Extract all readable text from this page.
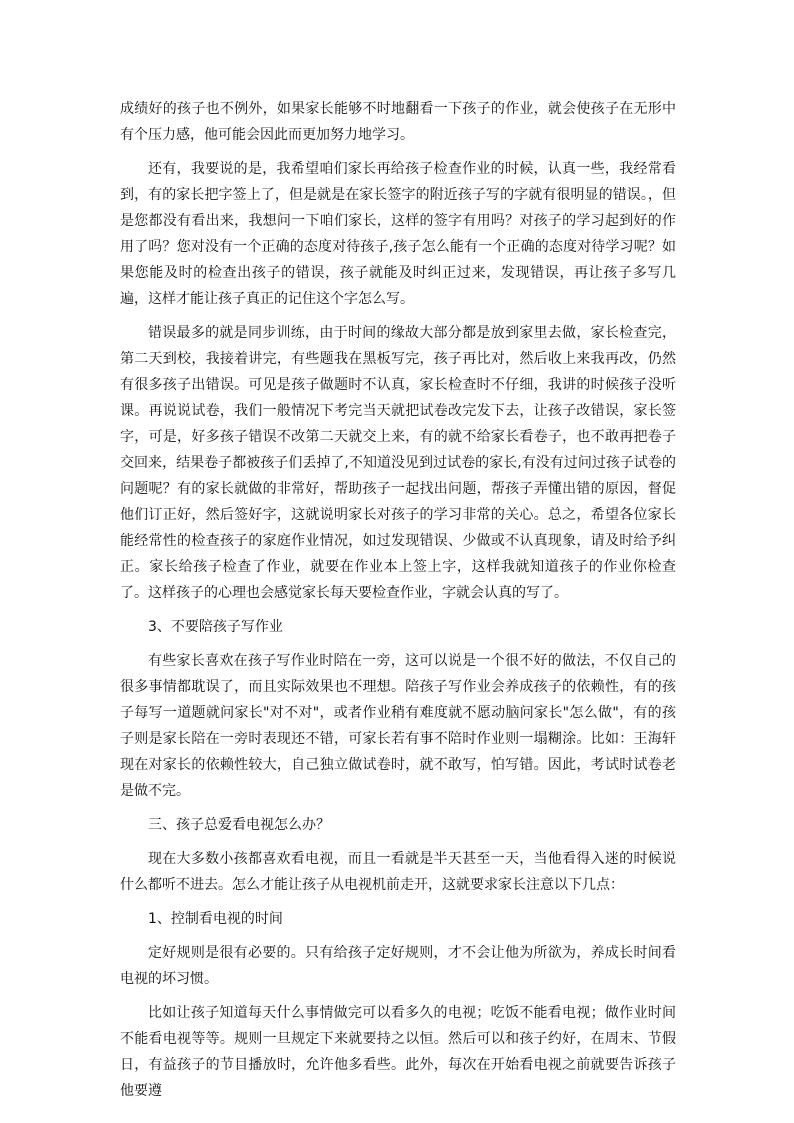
成绩好的孩子也不例外，如果家长能够不时地翻看一下孩子的作业，就会使孩子在无形中有个压力感，他可能会因此而更加努力地学习。

还有，我要说的是，我希望咱们家长再给孩子检查作业的时候，认真一些，我经常看到，有的家长把字签上了，但是就是在家长签字的附近孩子写的字就有很明显的错误。，但是您都没有看出来，我想问一下咱们家长，这样的签字有用吗？对孩子的学习起到好的作用了吗？您对没有一个正确的态度对待孩子,孩子怎么能有一个正确的态度对待学习呢？如果您能及时的检查出孩子的错误，孩子就能及时纠正过来，发现错误，再让孩子多写几遍，这样才能让孩子真正的记住这个字怎么写。

错误最多的就是同步训练，由于时间的缘故大部分都是放到家里去做，家长检查完，第二天到校，我接着讲完，有些题我在黑板写完，孩子再比对，然后收上来我再改，仍然有很多孩子出错误。可见是孩子做题时不认真，家长检查时不仔细，我讲的时候孩子没听课。再说说试卷，我们一般情况下考完当天就把试卷改完发下去，让孩子改错误，家长签字，可是，好多孩子错误不改第二天就交上来，有的就不给家长看卷子，也不敢再把卷子交回来，结果卷子都被孩子们丢掉了,不知道没见到过试卷的家长,有没有过问过孩子试卷的问题呢？有的家长就做的非常好，帮助孩子一起找出问题，帮孩子弄懂出错的原因，督促他们订正好，然后签好字，这就说明家长对孩子的学习非常的关心。总之，希望各位家长能经常性的检查孩子的家庭作业情况，如过发现错误、少做或不认真现象，请及时给予纠正。家长给孩子检查了作业，就要在作业本上签上字，这样我就知道孩子的作业你检查了。这样孩子的心理也会感觉家长每天要检查作业，字就会认真的写了。

3、不要陪孩子写作业

有些家长喜欢在孩子写作业时陪在一旁，这可以说是一个很不好的做法，不仅自己的很多事情都耽误了，而且实际效果也不理想。陪孩子写作业会养成孩子的依赖性，有的孩子每写一道题就问家长"对不对"，或者作业稍有难度就不愿动脑问家长"怎么做"，有的孩子则是家长陪在一旁时表现还不错，可家长若有事不陪时作业则一塌糊涂。比如：王海轩现在对家长的依赖性较大，自己独立做试卷时，就不敢写，怕写错。因此，考试时试卷老是做不完。

三、孩子总爱看电视怎么办？

现在大多数小孩都喜欢看电视，而且一看就是半天甚至一天，当他看得入迷的时候说什么都听不进去。怎么才能让孩子从电视机前走开，这就要求家长注意以下几点：

1、控制看电视的时间

定好规则是很有必要的。只有给孩子定好规则，才不会让他为所欲为，养成长时间看电视的坏习惯。

比如让孩子知道每天什么事情做完可以看多久的电视；吃饭不能看电视；做作业时间不能看电视等等。规则一旦规定下来就要持之以恒。然后可以和孩子约好，在周末、节假日，有益孩子的节目播放时，允许他多看些。此外，每次在开始看电视之前就要告诉孩子他要遵
